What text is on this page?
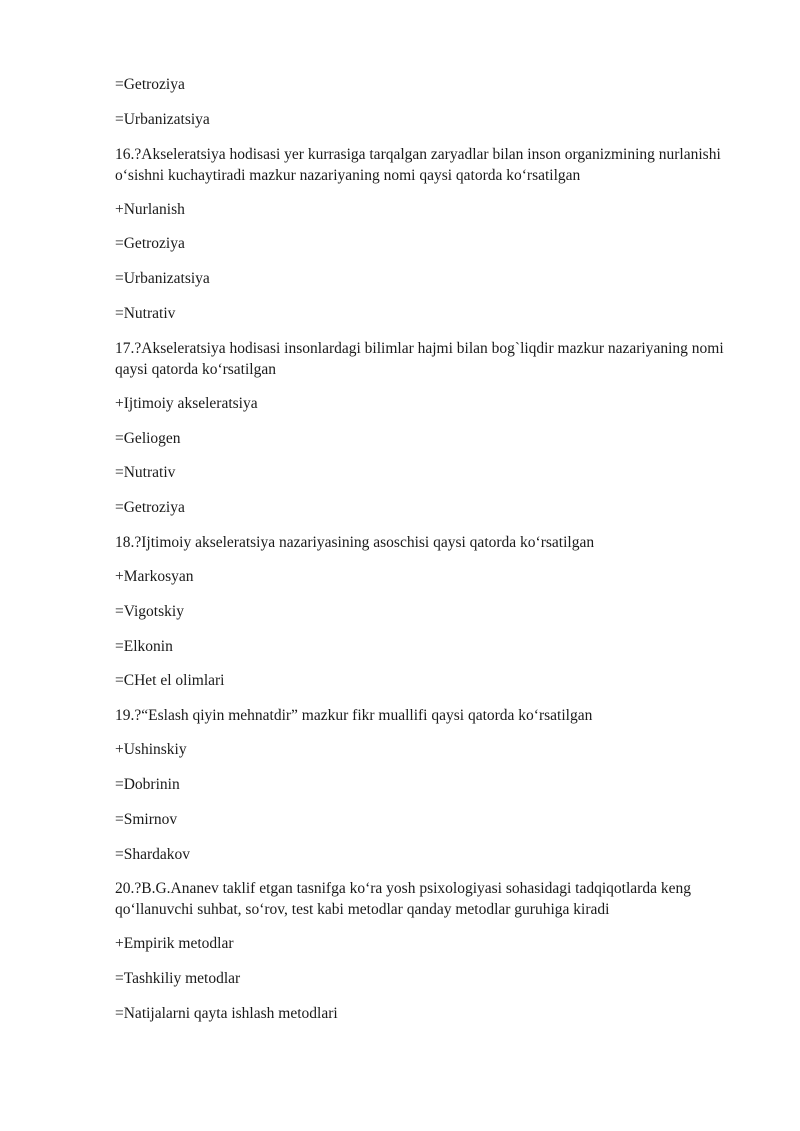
=Getroziya

=Urbanizatsiya

16.?Akseleratsiya hodisasi yer kurrasiga tarqalgan zaryadlar bilan inson organizmining nurlanishi o‘sishni kuchaytiradi mazkur nazariyaning nomi qaysi qatorda ko‘rsatilgan

+Nurlanish

=Getroziya

=Urbanizatsiya

=Nutrativ

17.?Akseleratsiya hodisasi insonlardagi bilimlar hajmi bilan bog`liqdir mazkur nazariyaning nomi qaysi qatorda ko‘rsatilgan

+Ijtimoiy akseleratsiya

=Geliogen

=Nutrativ

=Getroziya

18.?Ijtimoiy akseleratsiya nazariyasining asoschisi qaysi qatorda ko‘rsatilgan

+Markosyan

=Vigotskiy

=Elkonin

=CHet el olimlari

19.?“Eslash qiyin mehnatdir” mazkur fikr muallifi qaysi qatorda ko‘rsatilgan

+Ushinskiy

=Dobrinin

=Smirnov

=Shardakov

20.?B.G.Ananev taklif etgan tasnifga ko‘ra yosh psixologiyasi sohasidagi tadqiqotlarda keng qo‘llanuvchi suhbat, so‘rov, test kabi metodlar qanday metodlar guruhiga kiradi

+Empirik metodlar

=Tashkiliy metodlar

=Natijalarni qayta ishlash metodlari
